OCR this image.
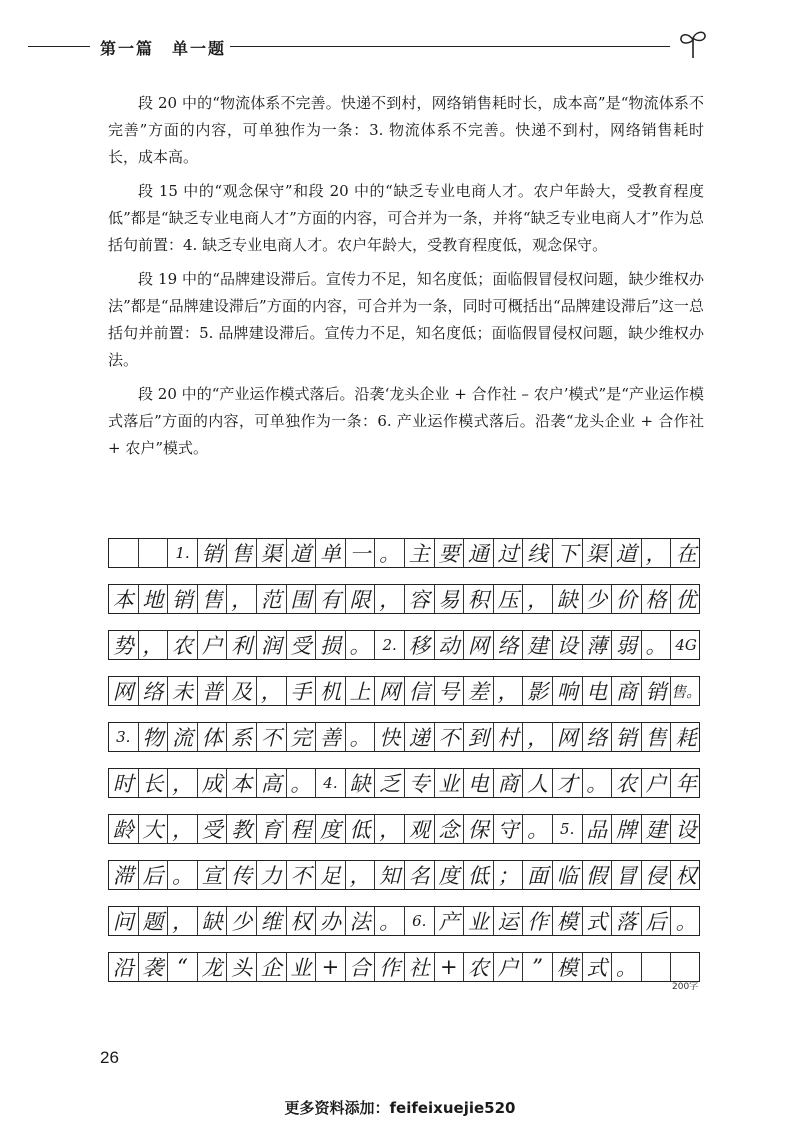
第一篇　单一题

段 20 中的“物流体系不完善。快递不到村，网络销售耗时长，成本高”是“物流体系不完善”方面的内容，可单独作为一条：3. 物流体系不完善。快递不到村，网络销售耗时长，成本高。

段 15 中的“观念保守”和段 20 中的“缺乏专业电商人才。农户年龄大，受教育程度低”都是“缺乏专业电商人才”方面的内容，可合并为一条，并将“缺乏专业电商人才”作为总括句前置：4. 缺乏专业电商人才。农户年龄大，受教育程度低，观念保守。

段 19 中的“品牌建设滞后。宣传力不足，知名度低；面临假冒侵权问题，缺少维权办法”都是“品牌建设滞后”方面的内容，可合并为一条，同时可概括出“品牌建设滞后”这一总括句并前置：5. 品牌建设滞后。宣传力不足，知名度低；面临假冒侵权问题，缺少维权办法。

段 20 中的“产业运作模式落后。沿袭‘龙头企业 + 合作社 – 农户’模式”是“产业运作模式落后”方面的内容，可单独作为一条：6. 产业运作模式落后。沿袭“龙头企业 + 合作社 + 农户”模式。

1. 销 售 渠 道 单 一 。 主 要 通 过 线 下 渠 道 ， 在
本 地 销 售 ， 范 围 有 限 ， 容 易 积 压 ， 缺 少 价 格 优
势 ， 农 户 利 润 受 损 。 2. 移 动 网 络 建 设 薄 弱 。 4G
网 络 未 普 及 ， 手 机 上 网 信 号 差 ， 影 响 电 商 销 售。
3. 物 流 体 系 不 完 善 。 快 递 不 到 村 ， 网 络 销 售 耗
时 长 ， 成 本 高 。 4. 缺 乏 专 业 电 商 人 才 。 农 户 年
龄 大 ， 受 教 育 程 度 低 ， 观 念 保 守 。 5. 品 牌 建 设
滞 后 。 宣 传 力 不 足 ， 知 名 度 低 ； 面 临 假 冒 侵 权
问 题 ， 缺 少 维 权 办 法 。 6. 产 业 运 作 模 式 落 后 。
沿 袭 “ 龙 头 企 业 + 合 作 社 + 农 户 ” 模 式 。
200字
26
更多资料添加：feifeixuejie520
